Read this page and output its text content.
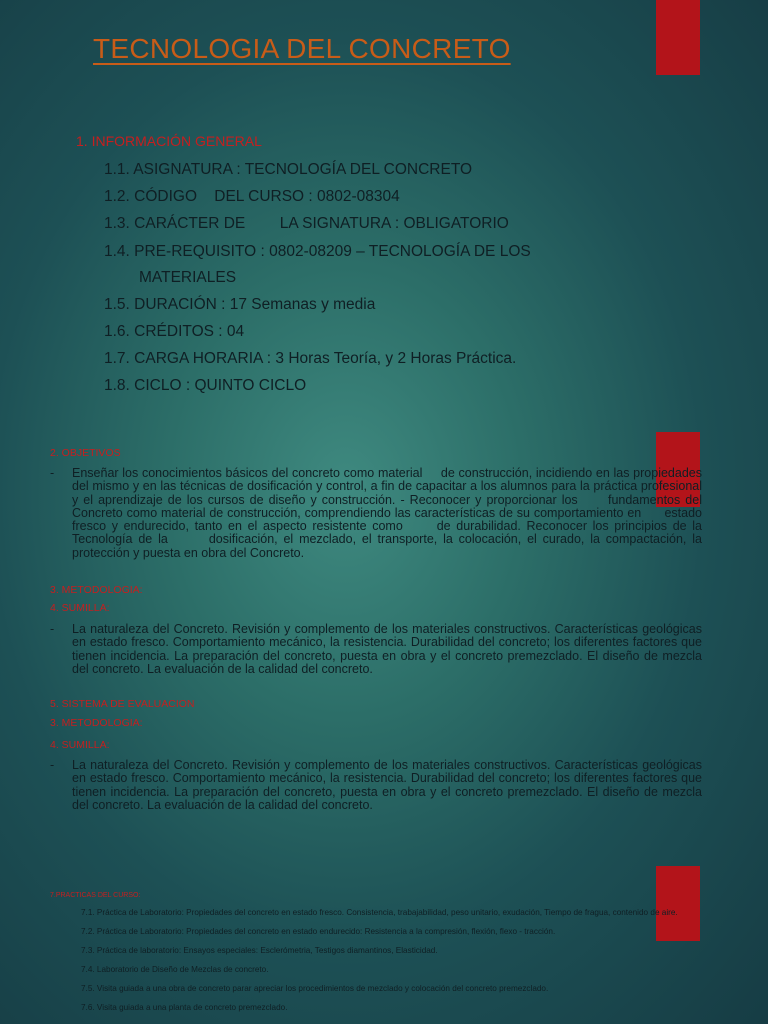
TECNOLOGIA DEL CONCRETO
1. INFORMACIÓN GENERAL
1.1. ASIGNATURA : TECNOLOGÍA DEL CONCRETO
1.2. CÓDIGO    DEL CURSO : 0802-08304
1.3. CARÁCTER DE        LA SIGNATURA : OBLIGATORIO
1.4. PRE-REQUISITO : 0802-08209 – TECNOLOGÍA DE LOS
MATERIALES
1.5. DURACIÓN : 17 Semanas y media
1.6. CRÉDITOS : 04
1.7. CARGA HORARIA : 3 Horas Teoría, y 2 Horas Práctica.
1.8. CICLO : QUINTO CICLO
2. OBJETIVOS
- Enseñar los conocimientos básicos del concreto como material     de construcción, incidiendo en las propiedades del mismo y en las técnicas de dosificación y control, a fin de capacitar a los alumnos para la práctica profesional y el aprendizaje de los cursos de diseño y construcción. - Reconocer y proporcionar los      fundamentos del Concreto como material de construcción, comprendiendo las características de su comportamiento en      estado fresco y endurecido, tanto en el aspecto resistente como      de durabilidad. Reconocer los principios de la Tecnología de la       dosificación, el mezclado, el transporte, la colocación, el curado, la compactación, la protección y puesta en obra del Concreto.
3. METODOLOGIA:
4. SUMILLA:
- La naturaleza del Concreto. Revisión y complemento de los materiales constructivos. Características geológicas en estado fresco. Comportamiento mecánico, la resistencia. Durabilidad del concreto; los diferentes factores que tienen incidencia. La preparación del concreto, puesta en obra y el concreto premezclado. El diseño de mezcla del concreto. La evaluación de la calidad del concreto.
5. SISTEMA DE EVALUACION
3. METODOLOGIA:
4. SUMILLA:
- La naturaleza del Concreto. Revisión y complemento de los materiales constructivos. Características geológicas en estado fresco. Comportamiento mecánico, la resistencia. Durabilidad del concreto; los diferentes factores que tienen incidencia. La preparación del concreto, puesta en obra y el concreto premezclado. El diseño de mezcla del concreto. La evaluación de la calidad del concreto.
7.PRACTICAS DEL CURSO:
7.1. Práctica de Laboratorio: Propiedades del concreto en estado fresco. Consistencia, trabajabilidad, peso unitario, exudación, Tiempo de fragua, contenido de aire.
7.2. Práctica de Laboratorio: Propiedades del concreto en estado endurecido: Resistencia a la compresión, flexión, flexo - tracción.
7.3. Práctica de laboratorio: Ensayos especiales: Esclerómetria, Testigos diamantinos, Elasticidad.
7.4. Laboratorio de Diseño de Mezclas de concreto.
7.5. Visita guiada a una obra de concreto parar apreciar los procedimientos de mezclado y colocación del concreto premezclado.
7.6. Visita guiada a una planta de concreto premezclado.
